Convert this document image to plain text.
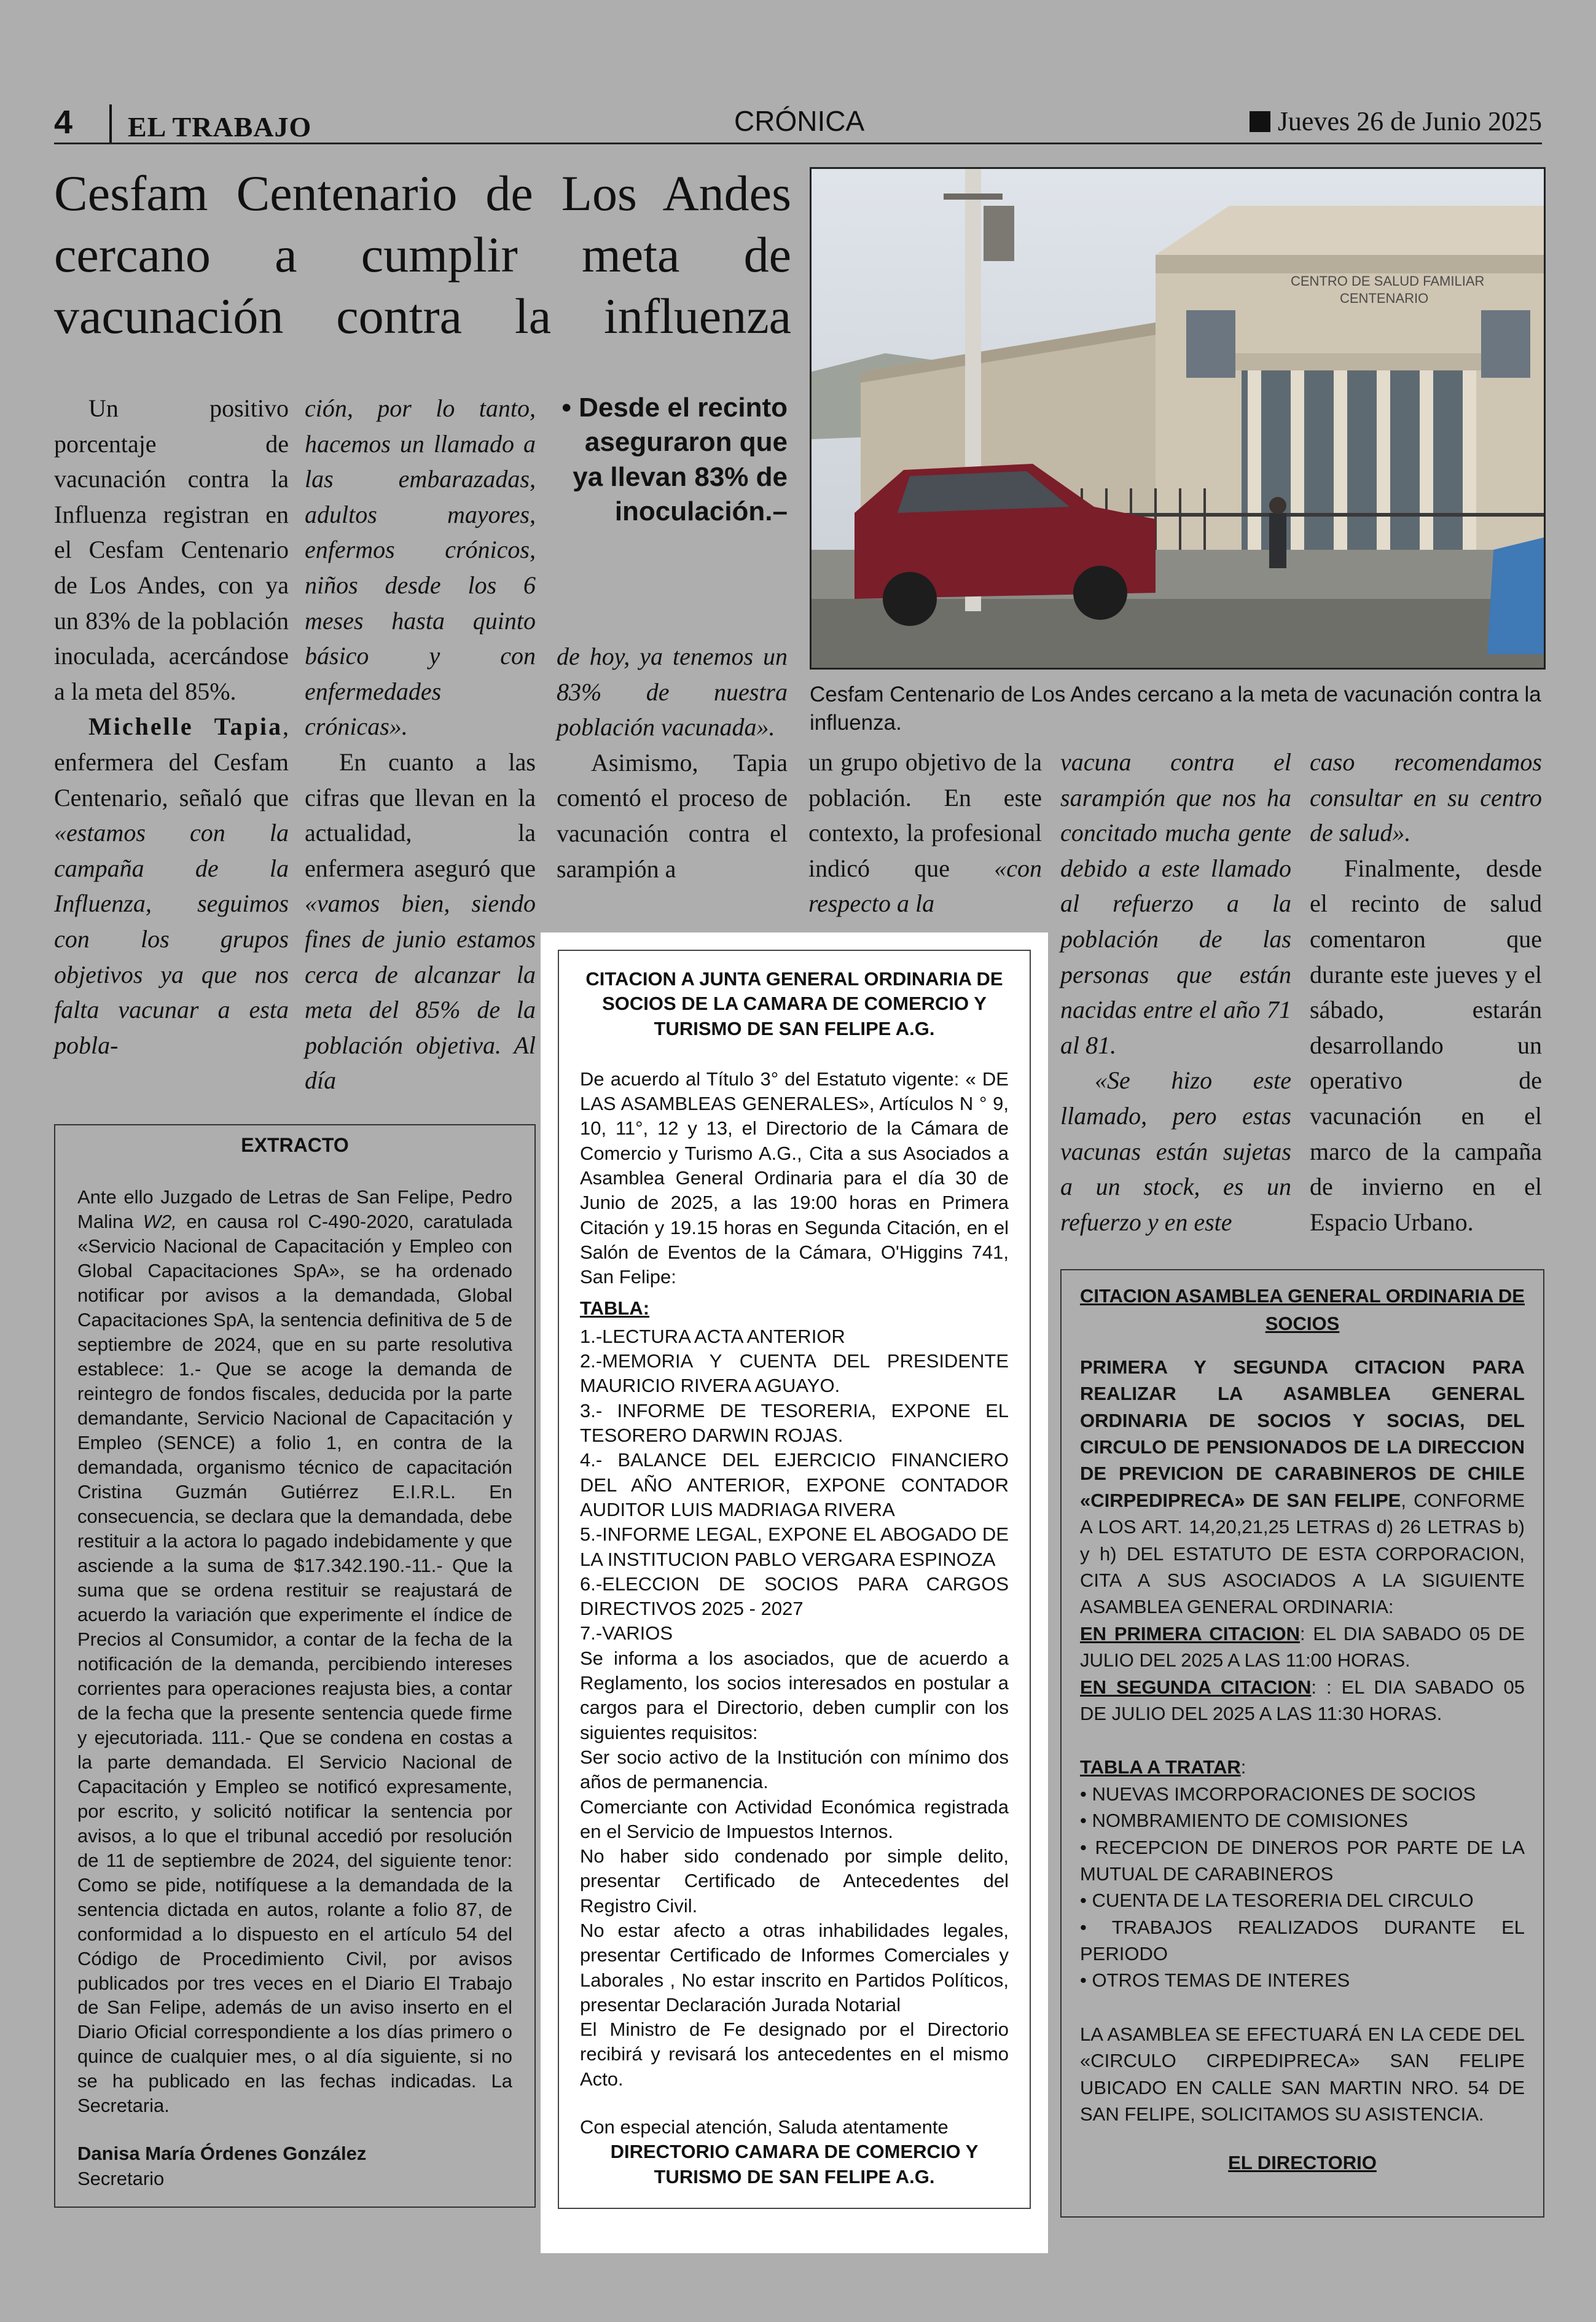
4 EL TRABAJO	CRÓNICA	Jueves 26 de Junio 2025
Cesfam Centenario de Los Andes
cercano a cumplir meta de
vacunación contra la influenza
CENTRO DE SALUD FAMILIAR
CENTENARIO
Cesfam Centenario de Los Andes cercano a la meta de vacunación contra la influenza.
• Desde el recinto aseguraron que ya llevan 83% de inoculación.–

Un positivo porcentaje de vacunación contra la Influenza registran en el Cesfam Centenario de Los Andes, con ya un 83% de la población inoculada, acercándose a la meta del 85%.

Michelle Tapia, enfermera del Cesfam Centenario, señaló que «estamos con la campaña de la Influenza, seguimos con los grupos objetivos ya que nos falta vacunar a esta pobla-

ción, por lo tanto, hacemos un llamado a las embarazadas, adultos mayores, enfermos crónicos, niños desde los 6 meses hasta quinto básico y con enfermedades crónicas».

En cuanto a las cifras que llevan en la actualidad, la enfermera aseguró que «vamos bien, siendo fines de junio estamos cerca de alcanzar la meta del 85% de la población objetiva. Al día

de hoy, ya tenemos un 83% de nuestra población vacunada».

Asimismo, Tapia comentó el proceso de vacunación contra el sarampión a

un grupo objetivo de la población. En este contexto, la profesional indicó que «con respecto a la

vacuna contra el sarampión que nos ha concitado mucha gente debido a este llamado al refuerzo a la población de las personas que están nacidas entre el año 71 al 81.

«Se hizo este llamado, pero estas vacunas están sujetas a un stock, es un refuerzo y en este

caso recomendamos consultar en su centro de salud».

Finalmente, desde el recinto de salud comentaron que durante este jueves y el sábado, estarán desarrollando un operativo de vacunación en el marco de la campaña de invierno en el Espacio Urbano.

EXTRACTO
Ante ello Juzgado de Letras de San Felipe, Pedro Malina W2, en causa rol C-490-2020, caratulada «Servicio Nacional de Capacitación y Empleo con Global Capacitaciones SpA», se ha ordenado notificar por avisos a la demandada, Global Capacitaciones SpA, la sentencia definitiva de 5 de septiembre de 2024, que en su parte resolutiva establece: 1.- Que se acoge la demanda de reintegro de fondos fiscales, deducida por la parte demandante, Servicio Nacional de Capacitación y Empleo (SENCE) a folio 1, en contra de la demandada, organismo técnico de capacitación Cristina Guzmán Gutiérrez E.I.R.L. En consecuencia, se declara que la demandada, debe restituir a la actora lo pagado indebidamente y que asciende a la suma de $17.342.190.-11.- Que la suma que se ordena restituir se reajustará de acuerdo la variación que experimente el índice de Precios al Consumidor, a contar de la fecha de la notificación de la demanda, percibiendo intereses corrientes para operaciones reajusta bies, a contar de la fecha que la presente sentencia quede firme y ejecutoriada. 111.- Que se condena en costas a la parte demandada. El Servicio Nacional de Capacitación y Empleo se notificó expresamente, por escrito, y solicitó notificar la sentencia por avisos, a lo que el tribunal accedió por resolución de 11 de septiembre de 2024, del siguiente tenor: Como se pide, notifíquese a la demandada de la sentencia dictada en autos, rolante a folio 87, de conformidad a lo dispuesto en el artículo 54 del Código de Procedimiento Civil, por avisos publicados por tres veces en el Diario El Trabajo de San Felipe, además de un aviso inserto en el Diario Oficial correspondiente a los días primero o quince de cualquier mes, o al día siguiente, si no se ha publicado en las fechas indicadas. La Secretaria.
Danisa María Órdenes González
Secretario
CITACION A JUNTA GENERAL ORDINARIA DE SOCIOS DE LA CAMARA DE COMERCIO Y TURISMO DE SAN FELIPE A.G.
De acuerdo al Título 3° del Estatuto vigente: « DE LAS ASAMBLEAS GENERALES», Artículos N ° 9, 10, 11°, 12 y 13, el Directorio de la Cámara de Comercio y Turismo A.G., Cita a sus Asociados a Asamblea General Ordinaria para el día 30 de Junio de 2025, a las 19:00 horas en Primera Citación y 19.15 horas en Segunda Citación, en el Salón de Eventos de la Cámara, O'Higgins 741, San Felipe:
TABLA:
1.-LECTURA ACTA ANTERIOR
2.-MEMORIA Y CUENTA DEL PRESIDENTE MAURICIO RIVERA AGUAYO.
3.- INFORME DE TESORERIA, EXPONE EL TESORERO DARWIN ROJAS.
4.- BALANCE DEL EJERCICIO FINANCIERO DEL AÑO ANTERIOR, EXPONE CONTADOR AUDITOR LUIS MADRIAGA RIVERA
5.-INFORME LEGAL, EXPONE EL ABOGADO DE LA INSTITUCION PABLO VERGARA ESPINOZA
6.-ELECCION DE SOCIOS PARA CARGOS DIRECTIVOS 2025 - 2027
7.-VARIOS
Se informa a los asociados, que de acuerdo a Reglamento, los socios interesados en postular a cargos para el Directorio, deben cumplir con los siguientes requisitos:
Ser socio activo de la Institución con mínimo dos años de permanencia.
Comerciante con Actividad Económica registrada en el Servicio de Impuestos Internos.
No haber sido condenado por simple delito, presentar Certificado de Antecedentes del Registro Civil.
No estar afecto a otras inhabilidades legales, presentar Certificado de Informes Comerciales y Laborales , No estar inscrito en Partidos Políticos, presentar Declaración Jurada Notarial
El Ministro de Fe designado por el Directorio recibirá y revisará los antecedentes en el mismo Acto.
Con especial atención, Saluda atentamente
DIRECTORIO CAMARA DE COMERCIO Y TURISMO DE SAN FELIPE A.G.
CITACION ASAMBLEA GENERAL ORDINARIA DE SOCIOS
PRIMERA Y SEGUNDA CITACION PARA REALIZAR LA ASAMBLEA GENERAL ORDINARIA DE SOCIOS Y SOCIAS, DEL CIRCULO DE PENSIONADOS DE LA DIRECCION DE PREVICION DE CARABINEROS DE CHILE «CIRPEDIPRECA» DE SAN FELIPE, CONFORME A LOS ART. 14,20,21,25 LETRAS d) 26 LETRAS b) y h) DEL ESTATUTO DE ESTA CORPORACION, CITA A SUS ASOCIADOS A LA SIGUIENTE ASAMBLEA GENERAL ORDINARIA:
EN PRIMERA CITACION: EL DIA SABADO 05 DE JULIO DEL 2025 A LAS 11:00 HORAS.
EN SEGUNDA CITACION: : EL DIA SABADO 05 DE JULIO DEL 2025 A LAS 11:30 HORAS.
TABLA A TRATAR:
• NUEVAS IMCORPORACIONES DE SOCIOS
• NOMBRAMIENTO DE COMISIONES
• RECEPCION DE DINEROS POR PARTE DE LA MUTUAL DE CARABINEROS
• CUENTA DE LA TESORERIA DEL CIRCULO
• TRABAJOS REALIZADOS DURANTE EL PERIODO
• OTROS TEMAS DE INTERES
LA ASAMBLEA SE EFECTUARÁ EN LA CEDE DEL «CIRCULO CIRPEDIPRECA» SAN FELIPE UBICADO EN CALLE SAN MARTIN NRO. 54 DE SAN FELIPE, SOLICITAMOS SU ASISTENCIA.
EL DIRECTORIO
